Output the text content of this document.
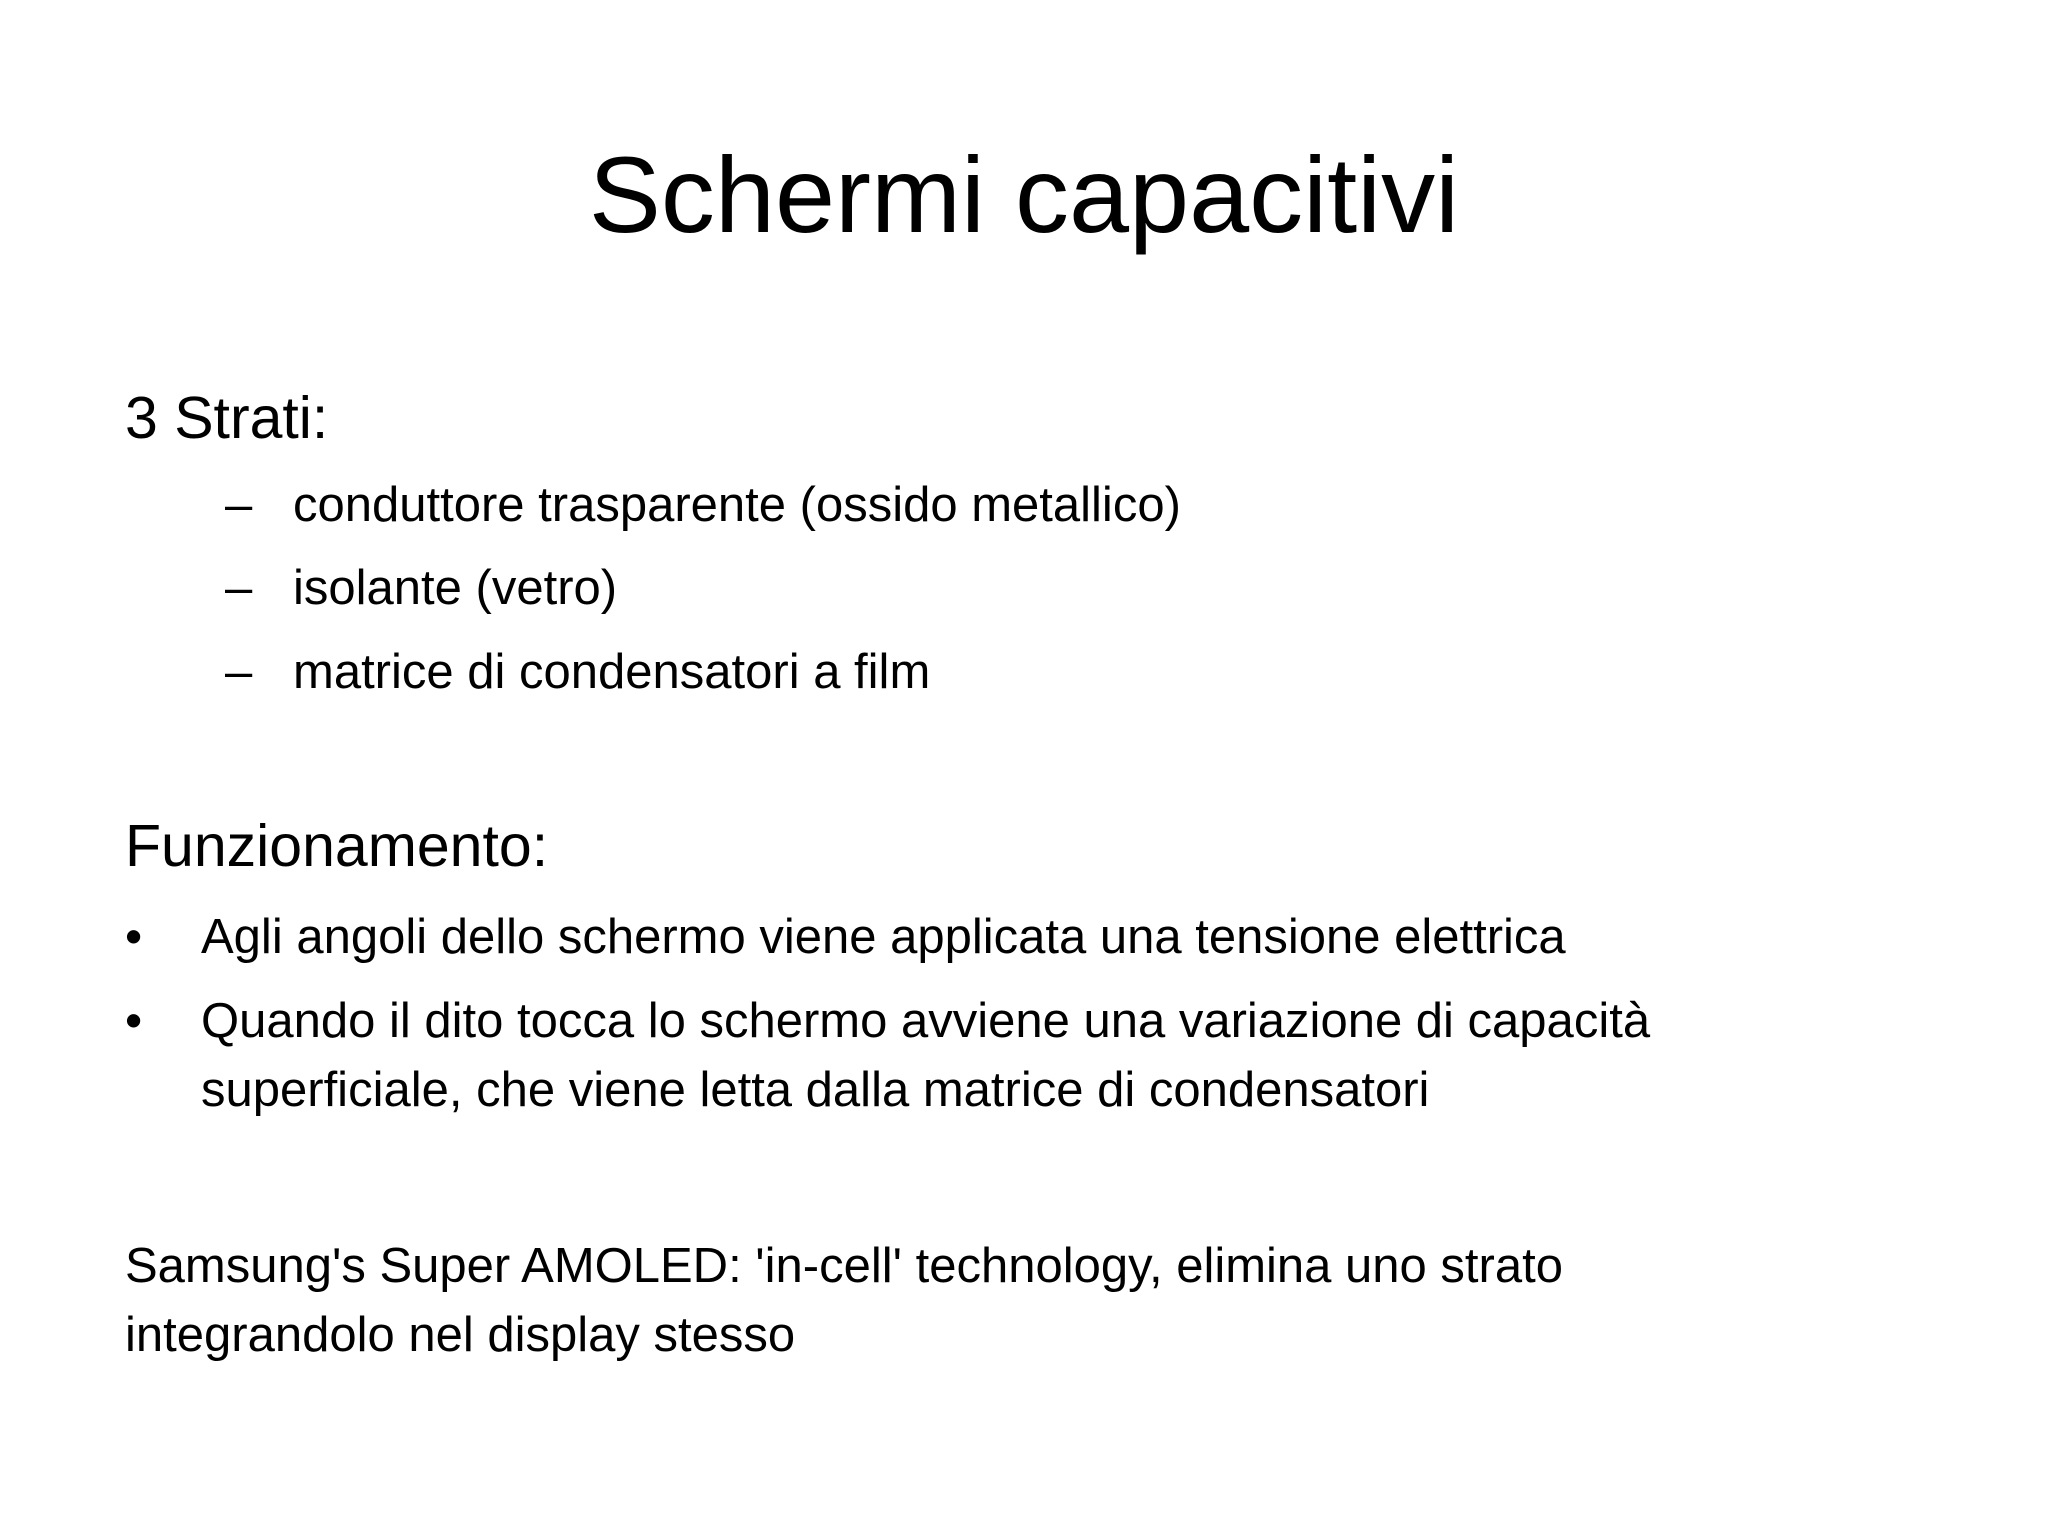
Schermi capacitivi
3 Strati:
– conduttore trasparente (ossido metallico)
– isolante (vetro)
– matrice di condensatori a film
Funzionamento:
• Agli angoli dello schermo viene applicata una tensione elettrica
• Quando il dito tocca lo schermo avviene una variazione di capacità superficiale, che viene letta dalla matrice di condensatori
Samsung's Super AMOLED: 'in-cell' technology, elimina uno strato integrandolo nel display stesso
